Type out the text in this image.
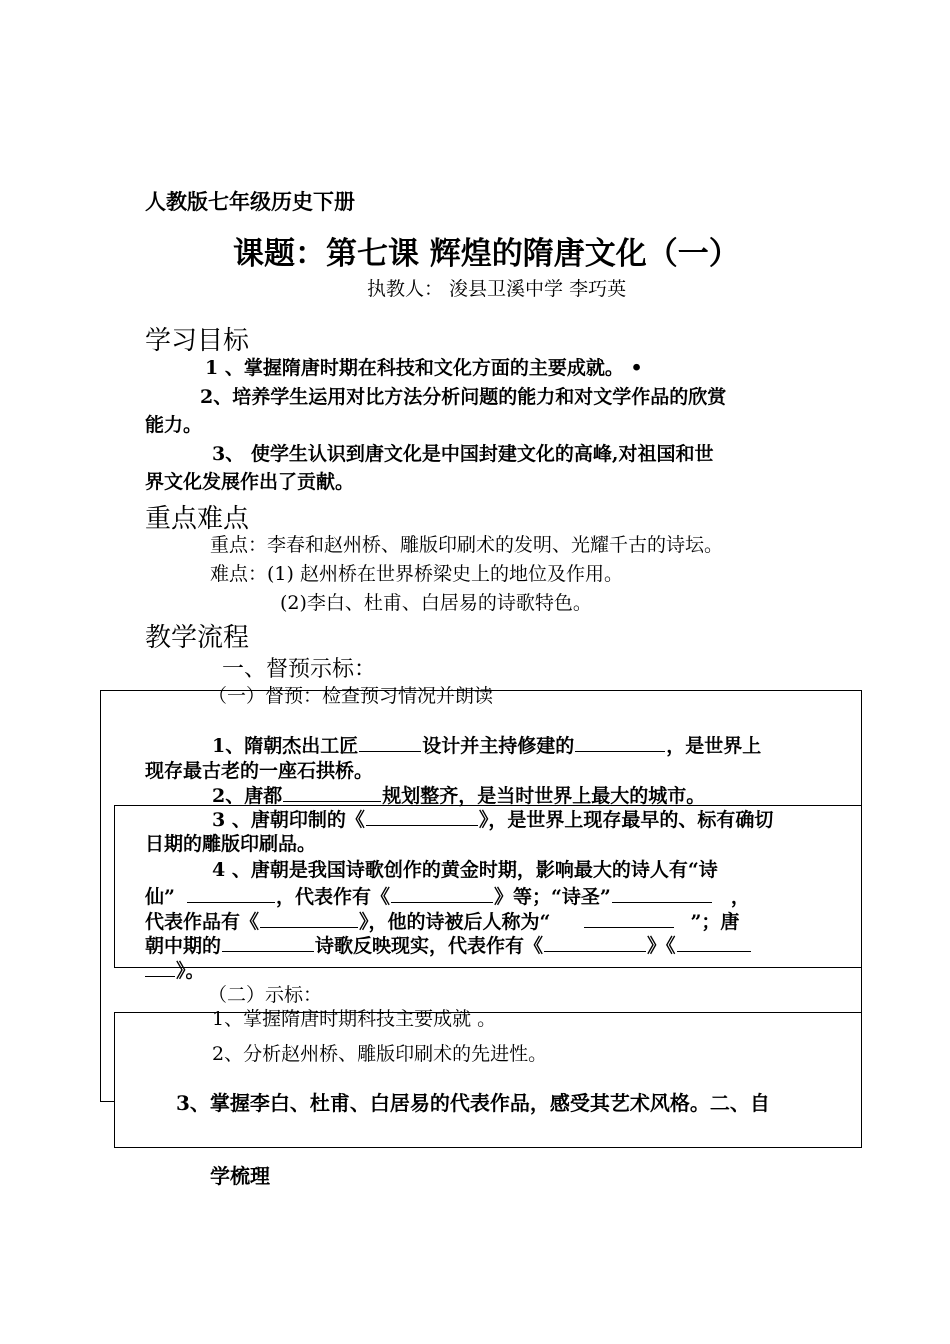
人教版七年级历史下册
课题：第七课 辉煌的隋唐文化（一）
执教人： 浚县卫溪中学 李巧英
学习目标
1 、掌握隋唐时期在科技和文化方面的主要成就。 •
2、培养学生运用对比方法分析问题的能力和对文学作品的欣赏
能力。
3、 使学生认识到唐文化是中国封建文化的高峰,对祖国和世
界文化发展作出了贡献。
重点难点
重点：李春和赵州桥、雕版印刷术的发明、光耀千古的诗坛。
难点：(1) 赵州桥在世界桥梁史上的地位及作用。
(2)李白、杜甫、白居易的诗歌特色。
教学流程
一、督预示标：
（一）督预：检查预习情况并朗读
1、隋朝杰出工匠	设计并主持修建的	，是世界上
现存最古老的一座石拱桥。
2、唐都	规划整齐，是当时世界上最大的城市。
3 、唐朝印制的《	》，是世界上现存最早的、标有确切
日期的雕版印刷品。
4 、唐朝是我国诗歌创作的黄金时期，影响最大的诗人有“诗
仙”	，代表作有《	》等；“诗圣”	，
代表作品有《	》，他的诗被后人称为“	”；唐
朝中期的	诗歌反映现实，代表作有《	》《
》。
（二）示标：
1、掌握隋唐时期科技主要成就 。
2、分析赵州桥、雕版印刷术的先进性。
3、掌握李白、杜甫、白居易的代表作品，感受其艺术风格。二、自
学梳理
